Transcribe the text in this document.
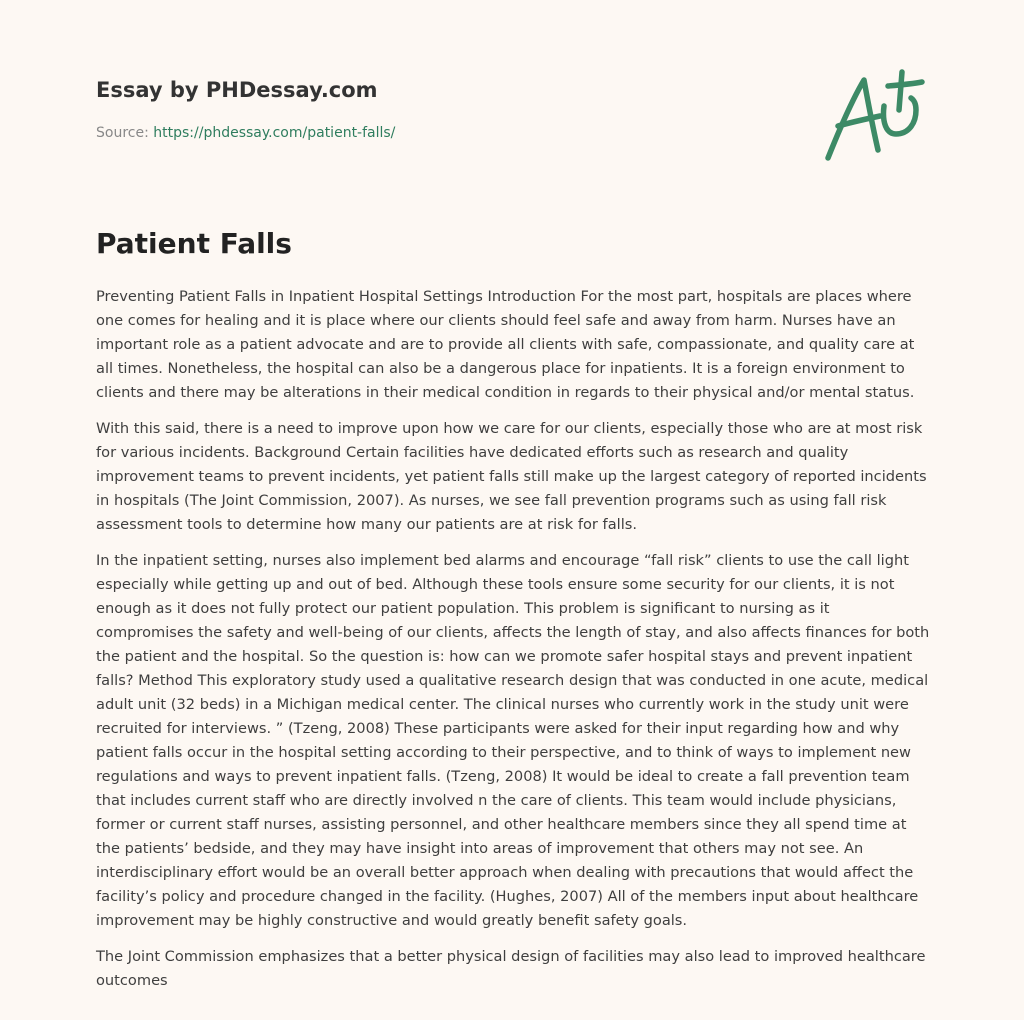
Essay by PHDessay.com
Source: https://phdessay.com/patient-falls/
Patient Falls

Preventing Patient Falls in Inpatient Hospital Settings Introduction For the most part, hospitals are places where one comes for healing and it is place where our clients should feel safe and away from harm. Nurses have an important role as a patient advocate and are to provide all clients with safe, compassionate, and quality care at all times. Nonetheless, the hospital can also be a dangerous place for inpatients. It is a foreign environment to clients and there may be alterations in their medical condition in regards to their physical and/or mental status.

With this said, there is a need to improve upon how we care for our clients, especially those who are at most risk for various incidents. Background Certain facilities have dedicated efforts such as research and quality improvement teams to prevent incidents, yet patient falls still make up the largest category of reported incidents in hospitals (The Joint Commission, 2007). As nurses, we see fall prevention programs such as using fall risk assessment tools to determine how many our patients are at risk for falls.

In the inpatient setting, nurses also implement bed alarms and encourage “fall risk” clients to use the call light especially while getting up and out of bed. Although these tools ensure some security for our clients, it is not enough as it does not fully protect our patient population. This problem is significant to nursing as it compromises the safety and well-being of our clients, affects the length of stay, and also affects finances for both the patient and the hospital. So the question is: how can we promote safer hospital stays and prevent inpatient falls? Method This exploratory study used a qualitative research design that was conducted in one acute, medical adult unit (32 beds) in a Michigan medical center. The clinical nurses who currently work in the study unit were recruited for interviews. ” (Tzeng, 2008) These participants were asked for their input regarding how and why patient falls occur in the hospital setting according to their perspective, and to think of ways to implement new regulations and ways to prevent inpatient falls. (Tzeng, 2008) It would be ideal to create a fall prevention team that includes current staff who are directly involved n the care of clients. This team would include physicians, former or current staff nurses, assisting personnel, and other healthcare members since they all spend time at the patients’ bedside, and they may have insight into areas of improvement that others may not see. An interdisciplinary effort would be an overall better approach when dealing with precautions that would affect the facility’s policy and procedure changed in the facility. (Hughes, 2007) All of the members input about healthcare improvement may be highly constructive and would greatly benefit safety goals.

The Joint Commission emphasizes that a better physical design of facilities may also lead to improved healthcare outcomes
